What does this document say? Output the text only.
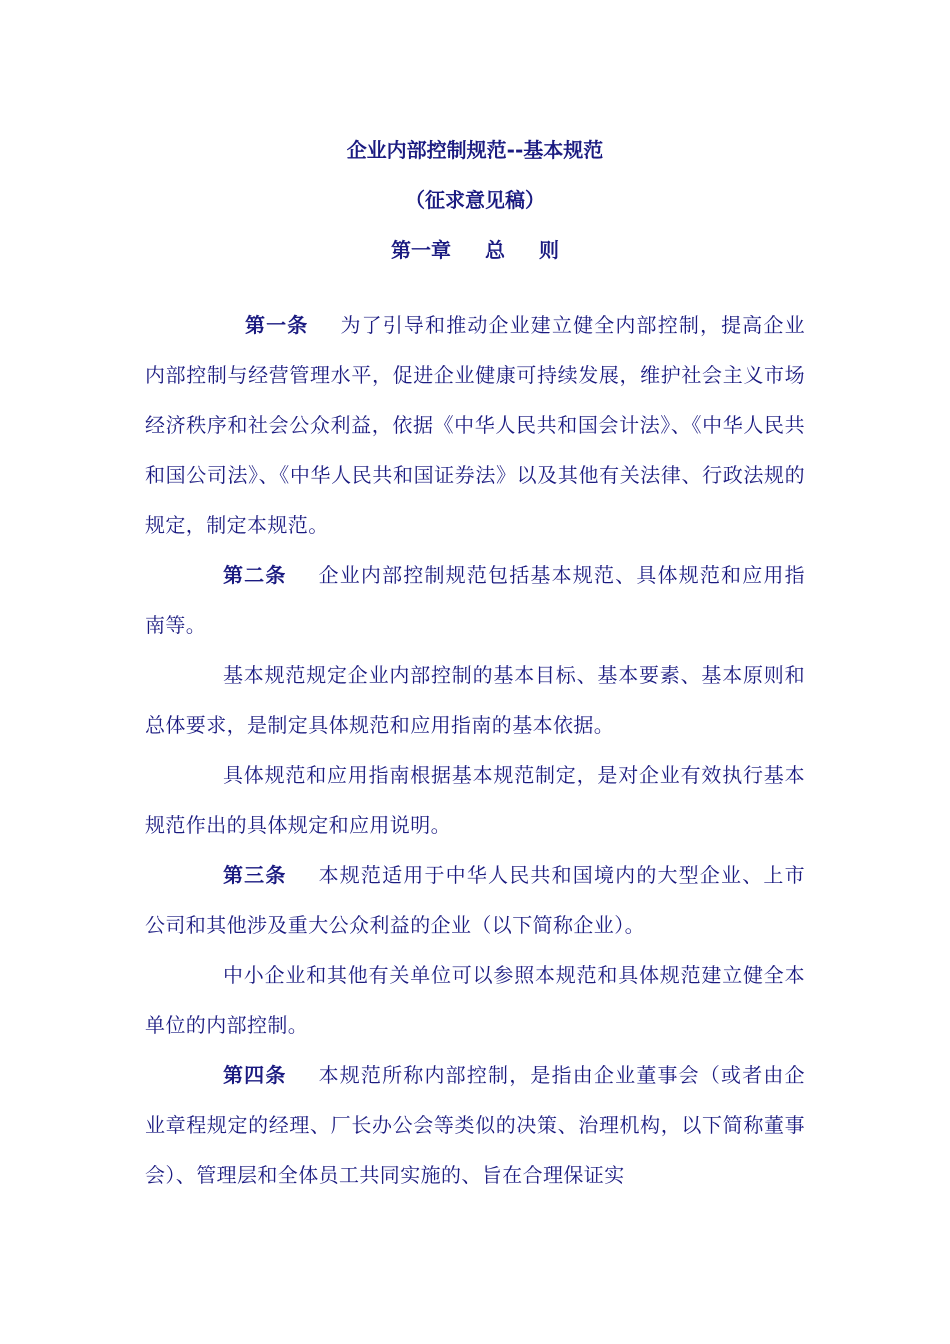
企业内部控制规范--基本规范
（征求意见稿）
第一章 总 则

第一条 为了引导和推动企业建立健全内部控制，提高企业内部控制与经营管理水平，促进企业健康可持续发展，维护社会主义市场经济秩序和社会公众利益，依据《中华人民共和国会计法》、《中华人民共和国公司法》、《中华人民共和国证券法》以及其他有关法律、行政法规的规定，制定本规范。

第二条 企业内部控制规范包括基本规范、具体规范和应用指南等。

基本规范规定企业内部控制的基本目标、基本要素、基本原则和总体要求，是制定具体规范和应用指南的基本依据。

具体规范和应用指南根据基本规范制定，是对企业有效执行基本规范作出的具体规定和应用说明。

第三条 本规范适用于中华人民共和国境内的大型企业、上市公司和其他涉及重大公众利益的企业（以下简称企业）。

中小企业和其他有关单位可以参照本规范和具体规范建立健全本单位的内部控制。

第四条 本规范所称内部控制，是指由企业董事会（或者由企业章程规定的经理、厂长办公会等类似的决策、治理机构，以下简称董事会）、管理层和全体员工共同实施的、旨在合理保证实
